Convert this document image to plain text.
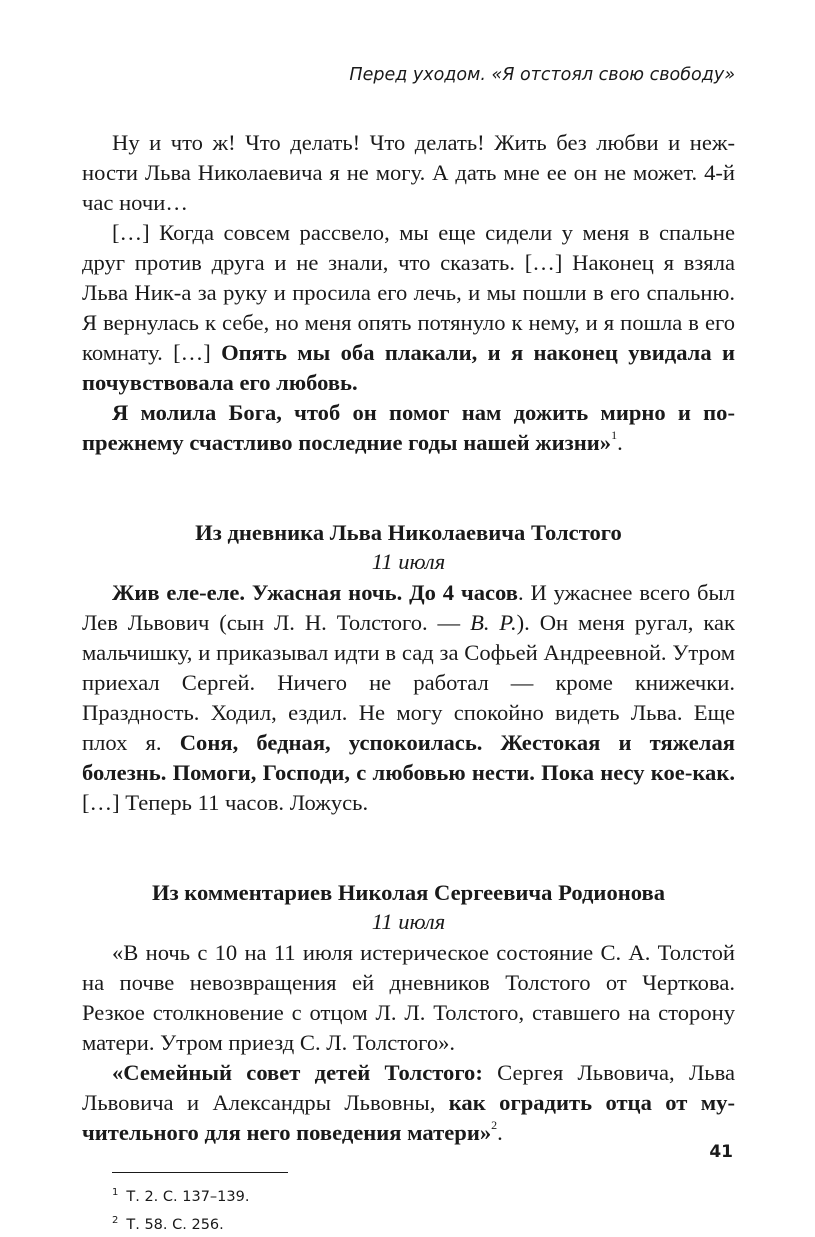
Перед уходом. «Я отстоял свою свободу»

Ну и что ж! Что делать! Что делать! Жить без любви и нежности Льва Николаевича я не могу. А дать мне ее он не может. 4-й час ночи…

[…] Когда совсем рассвело, мы еще сидели у меня в спальне друг против друга и не знали, что сказать. […] Наконец я взяла Льва Ник-а за руку и просила его лечь, и мы пошли в его спальню. Я вернулась к себе, но меня опять потянуло к нему, и я пошла в его комнату. […] Опять мы оба плакали, и я наконец увидала и почувствовала его любовь.

Я молила Бога, чтоб он помог нам дожить мирно и по-прежнему счастливо последние годы нашей жизни»$^1$.

Из дневника Льва Николаевича Толстого
11 июля

Жив еле-еле. Ужасная ночь. До 4 часов. И ужаснее всего был Лев Львович (сын Л. Н. Толстого. — В. Р.). Он меня ругал, как мальчишку, и приказывал идти в сад за Софьей Андреевной. Утром приехал Сергей. Ничего не работал — кроме книжечки. Праздность. Ходил, ездил. Не могу спокойно видеть Льва. Еще плох я. Соня, бедная, успокоилась. Жестокая и тяжелая болезнь. Помоги, Господи, с любовью нести. Пока несу кое-как. […] Теперь 11 часов. Ложусь.

Из комментариев Николая Сергеевича Родионова
11 июля

«В ночь с 10 на 11 июля истерическое состояние С. А. Толстой на почве невозвращения ей дневников Толстого от Черткова. Резкое столкновение с отцом Л. Л. Толстого, ставшего на сторону матери. Утром приезд С. Л. Толстого».

«Семейный совет детей Толстого: Сергея Львовича, Льва Львовича и Александры Львовны, как оградить отца от мучительного для него поведения матери»$^2$.

$^1$ Т. 2. С. 137–139.
$^2$ Т. 58. С. 256.
41
